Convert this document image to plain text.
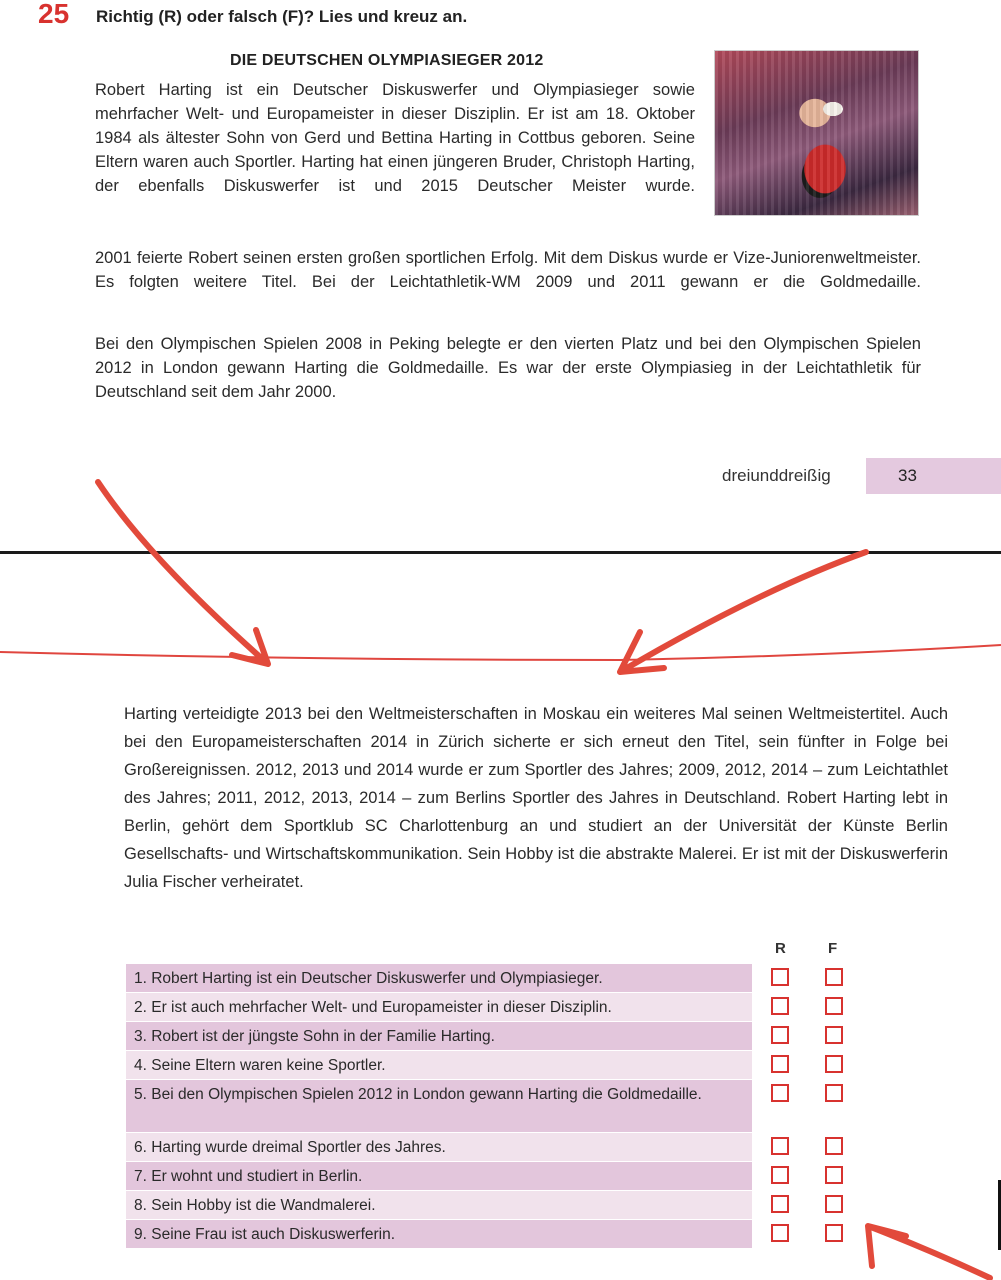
25 Richtig (R) oder falsch (F)? Lies und kreuz an.
DIE DEUTSCHEN OLYMPIASIEGER 2012

Robert Harting ist ein Deutscher Diskuswerfer und Olympiasieger sowie mehrfacher Welt- und Europameister in dieser Disziplin. Er ist am 18. Oktober 1984 als ältester Sohn von Gerd und Bettina Harting in Cottbus geboren. Seine Eltern waren auch Sportler. Harting hat einen jüngeren Bruder, Christoph Harting, der ebenfalls Diskuswerfer ist und 2015 Deutscher Meister wurde.

2001 feierte Robert seinen ersten großen sportlichen Erfolg. Mit dem Diskus wurde er Vize-Juniorenweltmeister. Es folgten weitere Titel. Bei der Leichtathletik-WM 2009 und 2011 gewann er die Goldmedaille.

Bei den Olympischen Spielen 2008 in Peking belegte er den vierten Platz und bei den Olympischen Spielen 2012 in London gewann Harting die Goldmedaille. Es war der erste Olympiasieg in der Leichtathletik für Deutschland seit dem Jahr 2000.

dreiunddreißig	33

Harting verteidigte 2013 bei den Weltmeisterschaften in Moskau ein weiteres Mal seinen Weltmeistertitel. Auch bei den Europameisterschaften 2014 in Zürich sicherte er sich erneut den Titel, sein fünfter in Folge bei Großereignissen. 2012, 2013 und 2014 wurde er zum Sportler des Jahres; 2009, 2012, 2014 – zum Leichtathlet des Jahres; 2011, 2012, 2013, 2014 – zum Berlins Sportler des Jahres in Deutschland. Robert Harting lebt in Berlin, gehört dem Sportklub SC Charlottenburg an und studiert an der Universität der Künste Berlin Gesellschafts- und Wirtschaftskommunikation. Sein Hobby ist die abstrakte Malerei. Er ist mit der Diskuswerferin Julia Fischer verheiratet.

R	F
1. Robert Harting ist ein Deutscher Diskuswerfer und Olympiasieger.
2. Er ist auch mehrfacher Welt- und Europameister in dieser Disziplin.
3. Robert ist der jüngste Sohn in der Familie Harting.
4. Seine Eltern waren keine Sportler.
5. Bei den Olympischen Spielen 2012 in London gewann Harting die Goldmedaille.
6. Harting wurde dreimal Sportler des Jahres.
7. Er wohnt und studiert in Berlin.
8. Sein Hobby ist die Wandmalerei.
9. Seine Frau ist auch Diskuswerferin.
